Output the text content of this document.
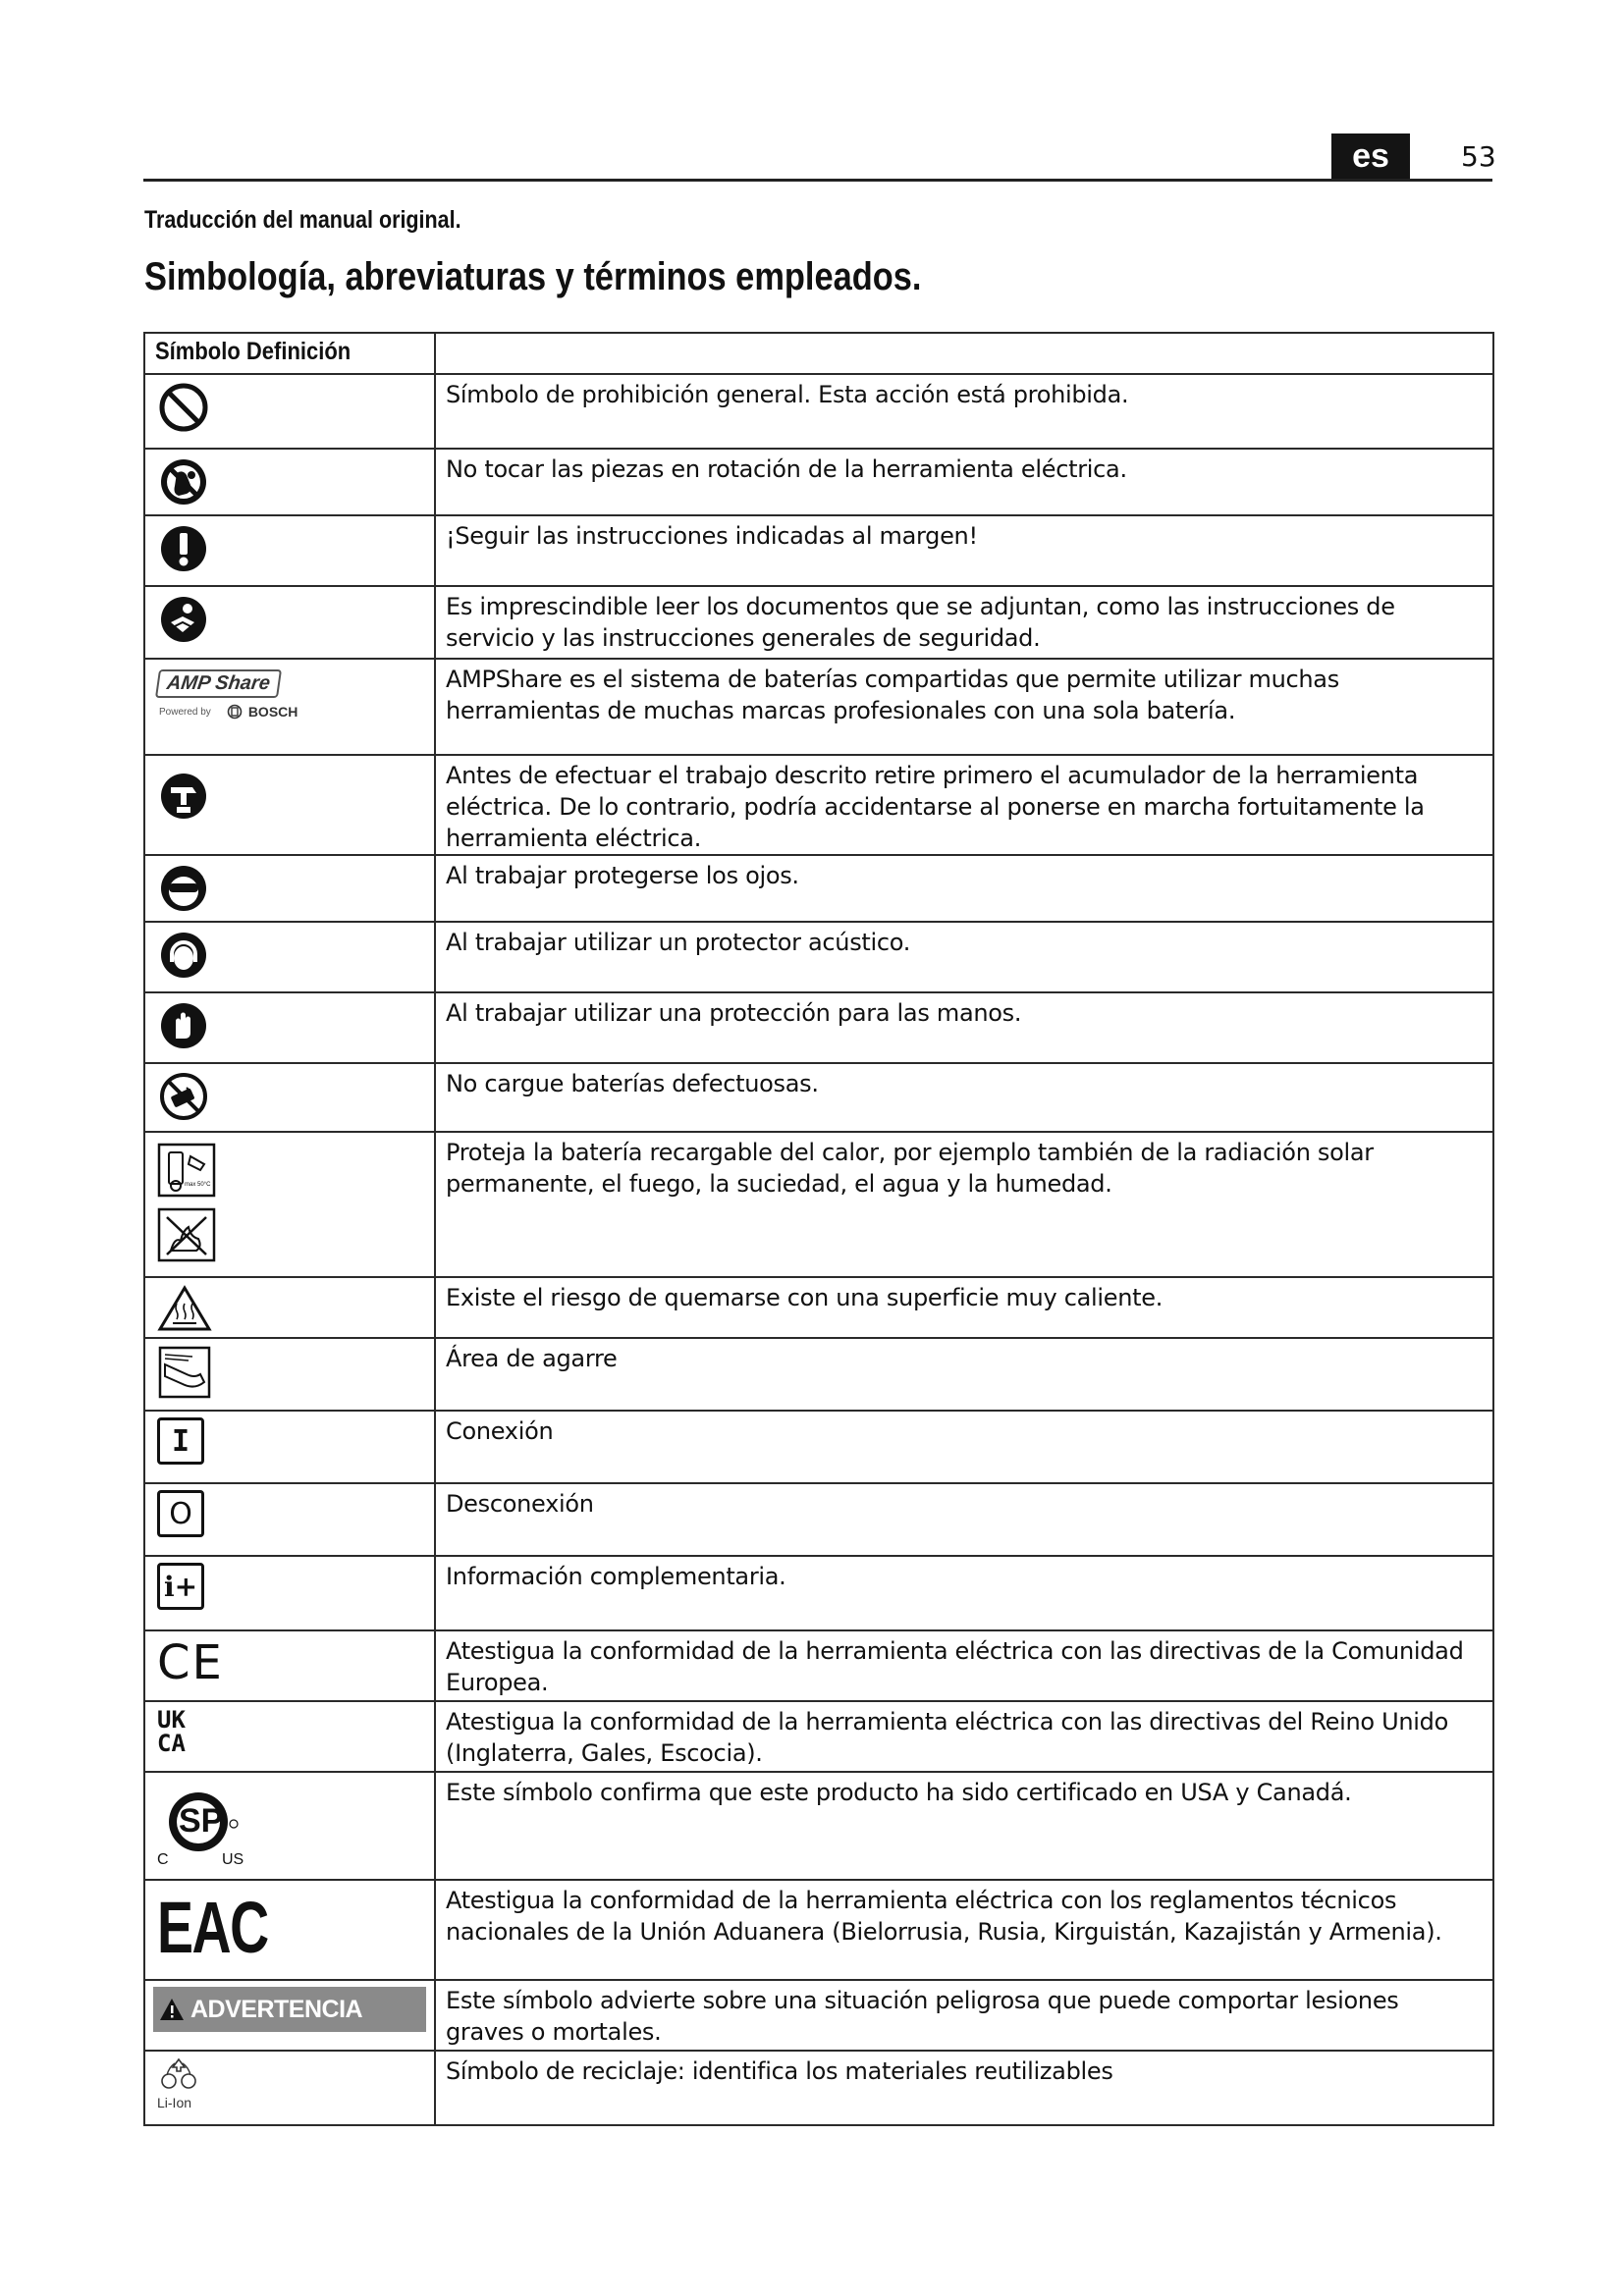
es	53
Traducción del manual original.
Simbología, abreviaturas y términos empleados.
Símbolo Definición	

	Símbolo de prohibición general. Esta acción está prohibida.

	No tocar las piezas en rotación de la herramienta eléctrica.

	¡Seguir las instrucciones indicadas al margen!

	Es imprescindible leer los documentos que se adjuntan, como las instrucciones de servicio y las instrucciones generales de seguridad.

AMP Share
Powered by BOSCH	AMPShare es el sistema de baterías compartidas que permite utilizar muchas herramientas de muchas marcas profesionales con una sola batería.

	Antes de efectuar el trabajo descrito retire primero el acumulador de la herramienta eléctrica. De lo contrario, podría accidentarse al ponerse en marcha fortuitamente la herramienta eléctrica.

	Al trabajar protegerse los ojos.

	Al trabajar utilizar un protector acústico.

	Al trabajar utilizar una protección para las manos.

	No cargue baterías defectuosas.

max 50°C	Proteja la batería recargable del calor, por ejemplo también de la radiación solar permanente, el fuego, la suciedad, el agua y la humedad.

	Existe el riesgo de quemarse con una superficie muy caliente.

	Área de agarre

I	Conexión

O	Desconexión

i+	Información complementaria.

CE	Atestigua la conformidad de la herramienta eléctrica con las directivas de la Comunidad Europea.

UK
CA	Atestigua la conformidad de la herramienta eléctrica con las directivas del Reino Unido (Inglaterra, Gales, Escocia).

SP
C US	Este símbolo confirma que este producto ha sido certificado en USA y Canadá.

EAC	Atestigua la conformidad de la herramienta eléctrica con los reglamentos técnicos nacionales de la Unión Aduanera (Bielorrusia, Rusia, Kirguistán, Kazajistán y Armenia).

ADVERTENCIA	Este símbolo advierte sobre una situación peligrosa que puede comportar lesiones graves o mortales.

Li-Ion	Símbolo de reciclaje: identifica los materiales reutilizables
